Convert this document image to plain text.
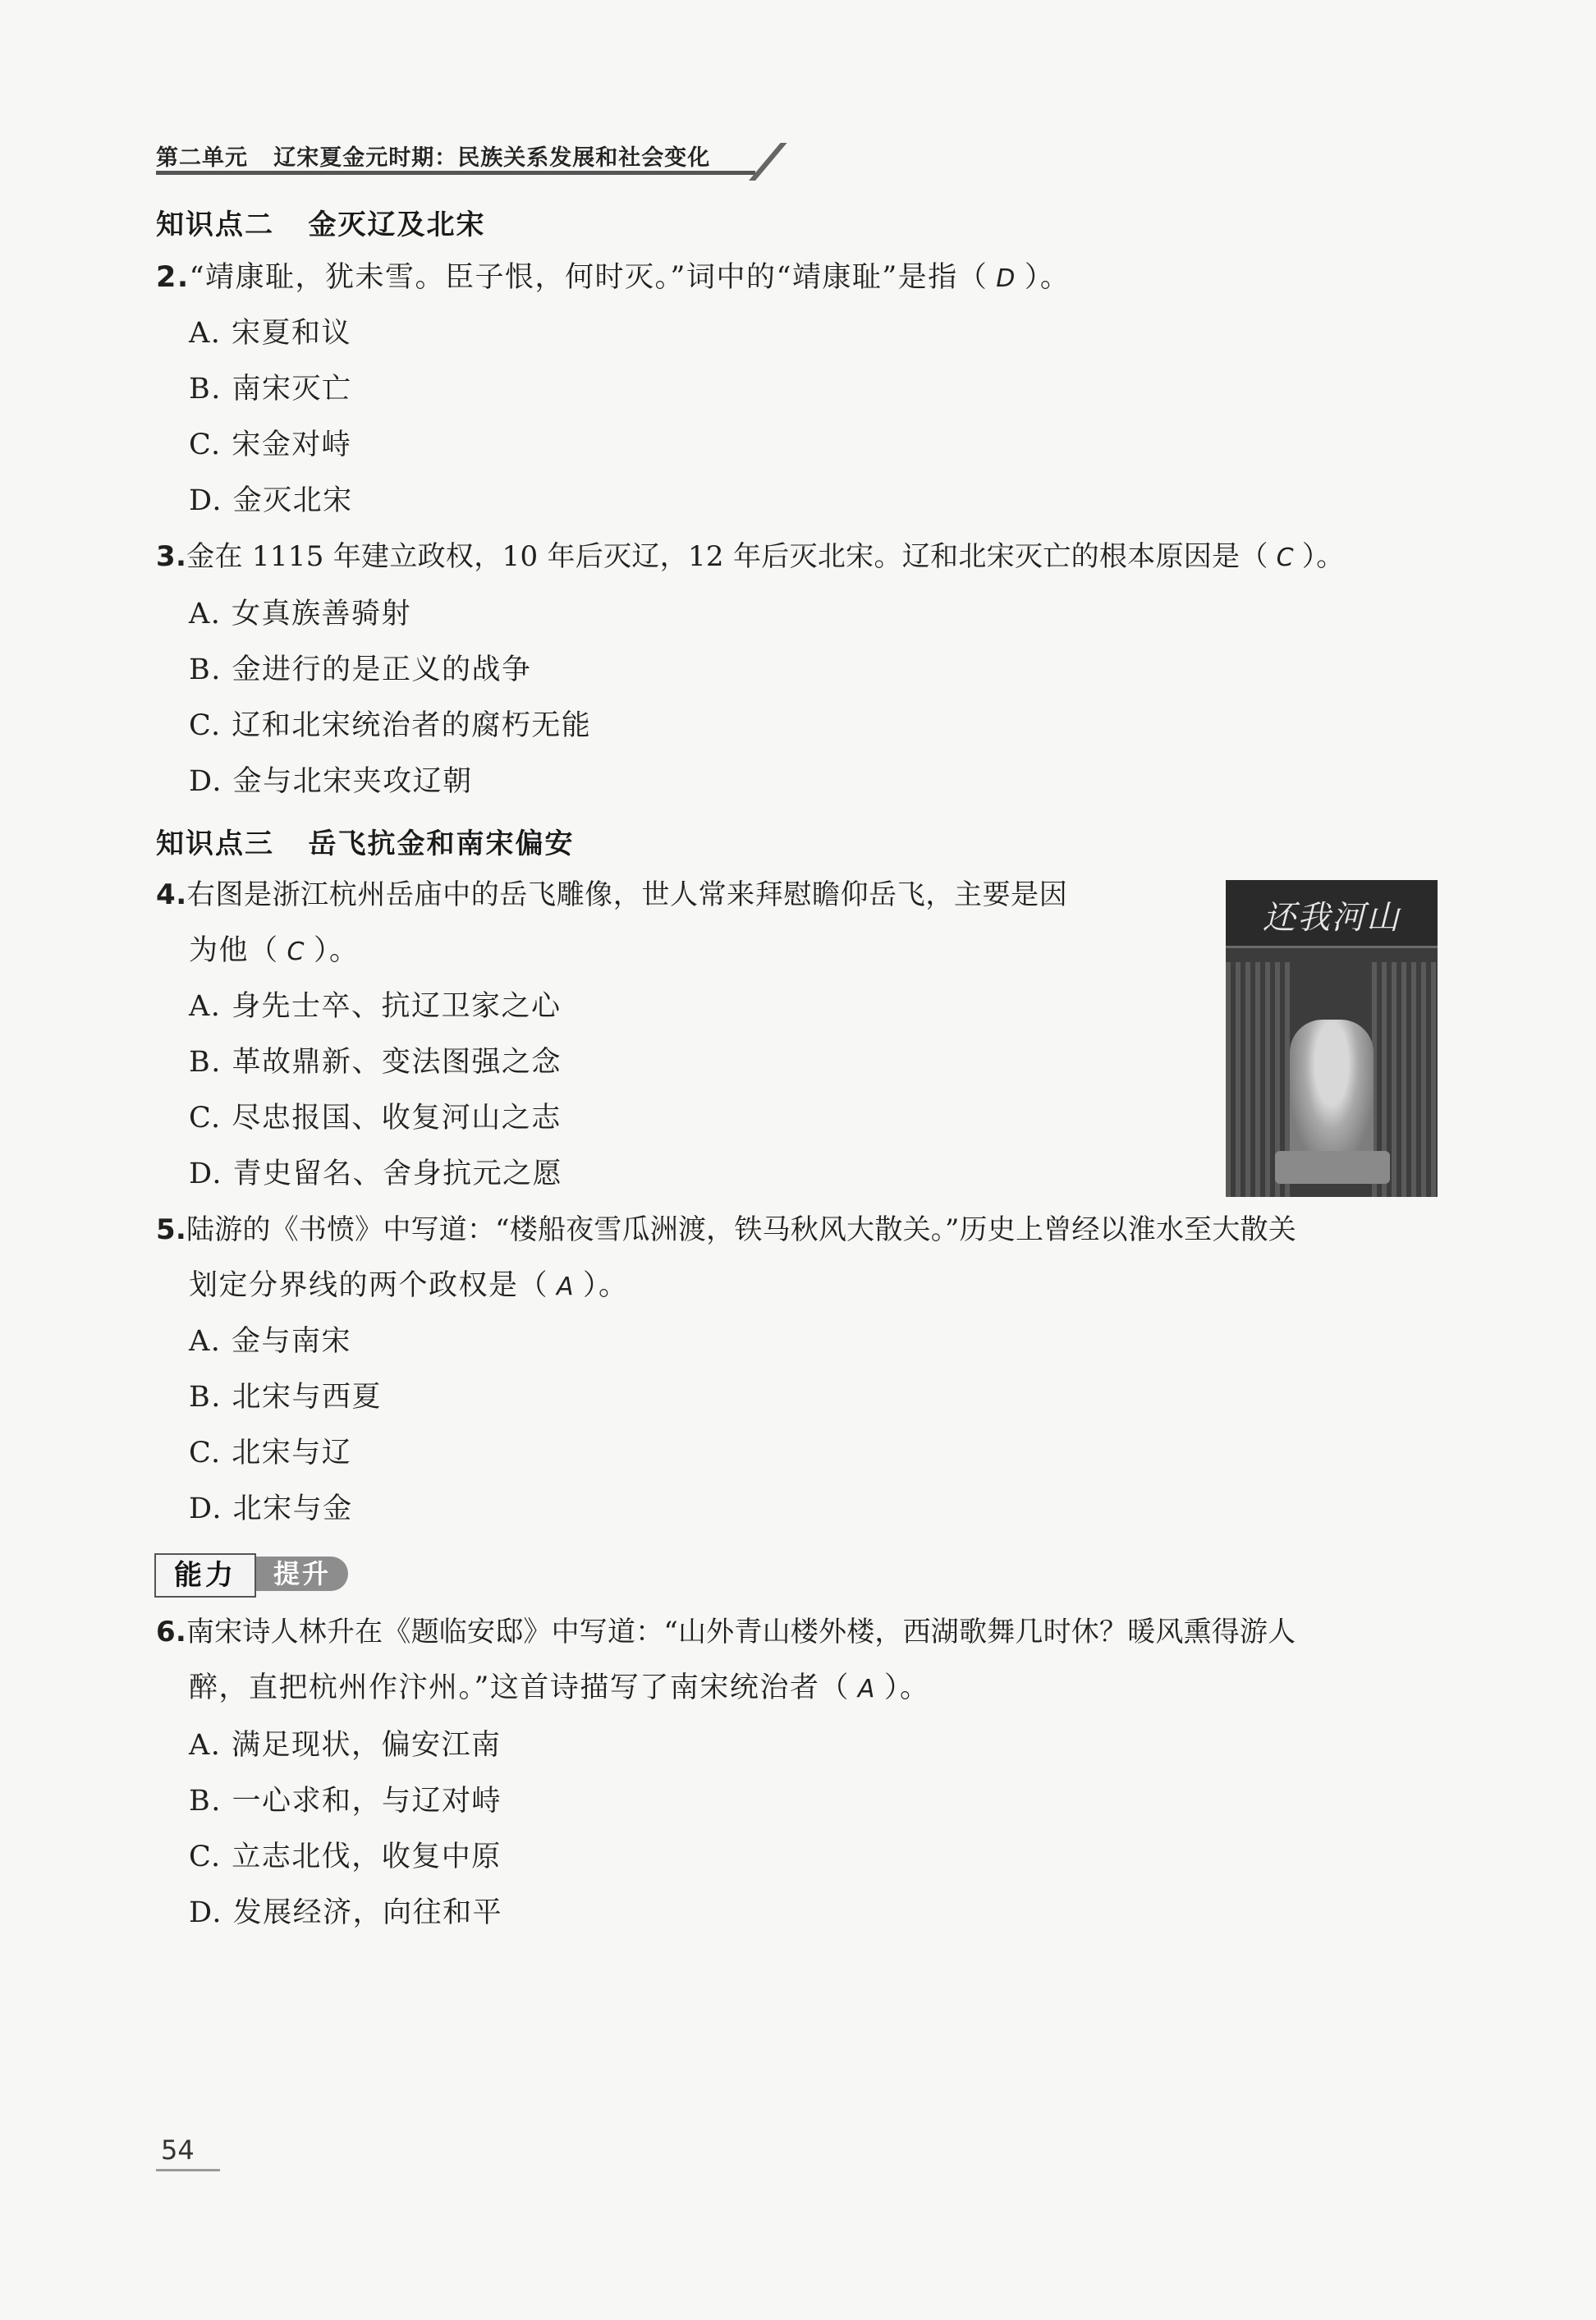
第二单元 辽宋夏金元时期：民族关系发展和社会变化
知识点二 金灭辽及北宋
2.“靖康耻，犹未雪。臣子恨，何时灭。”词中的“靖康耻”是指（ D ）。
A. 宋夏和议
B. 南宋灭亡
C. 宋金对峙
D. 金灭北宋
3.金在 1115 年建立政权，10 年后灭辽，12 年后灭北宋。辽和北宋灭亡的根本原因是（ C ）。
A. 女真族善骑射
B. 金进行的是正义的战争
C. 辽和北宋统治者的腐朽无能
D. 金与北宋夹攻辽朝
知识点三 岳飞抗金和南宋偏安
4.右图是浙江杭州岳庙中的岳飞雕像，世人常来拜慰瞻仰岳飞，主要是因
为他（ C ）。
A. 身先士卒、抗辽卫家之心
B. 革故鼎新、变法图强之念
C. 尽忠报国、收复河山之志
D. 青史留名、舍身抗元之愿
还我河山
5.陆游的《书愤》中写道：“楼船夜雪瓜洲渡，铁马秋风大散关。”历史上曾经以淮水至大散关
划定分界线的两个政权是（ A ）。
A. 金与南宋
B. 北宋与西夏
C. 北宋与辽
D. 北宋与金
能力	提升
6.南宋诗人林升在《题临安邸》中写道：“山外青山楼外楼，西湖歌舞几时休？暖风熏得游人
醉，直把杭州作汴州。”这首诗描写了南宋统治者（ A ）。
A. 满足现状，偏安江南
B. 一心求和，与辽对峙
C. 立志北伐，收复中原
D. 发展经济，向往和平
54
